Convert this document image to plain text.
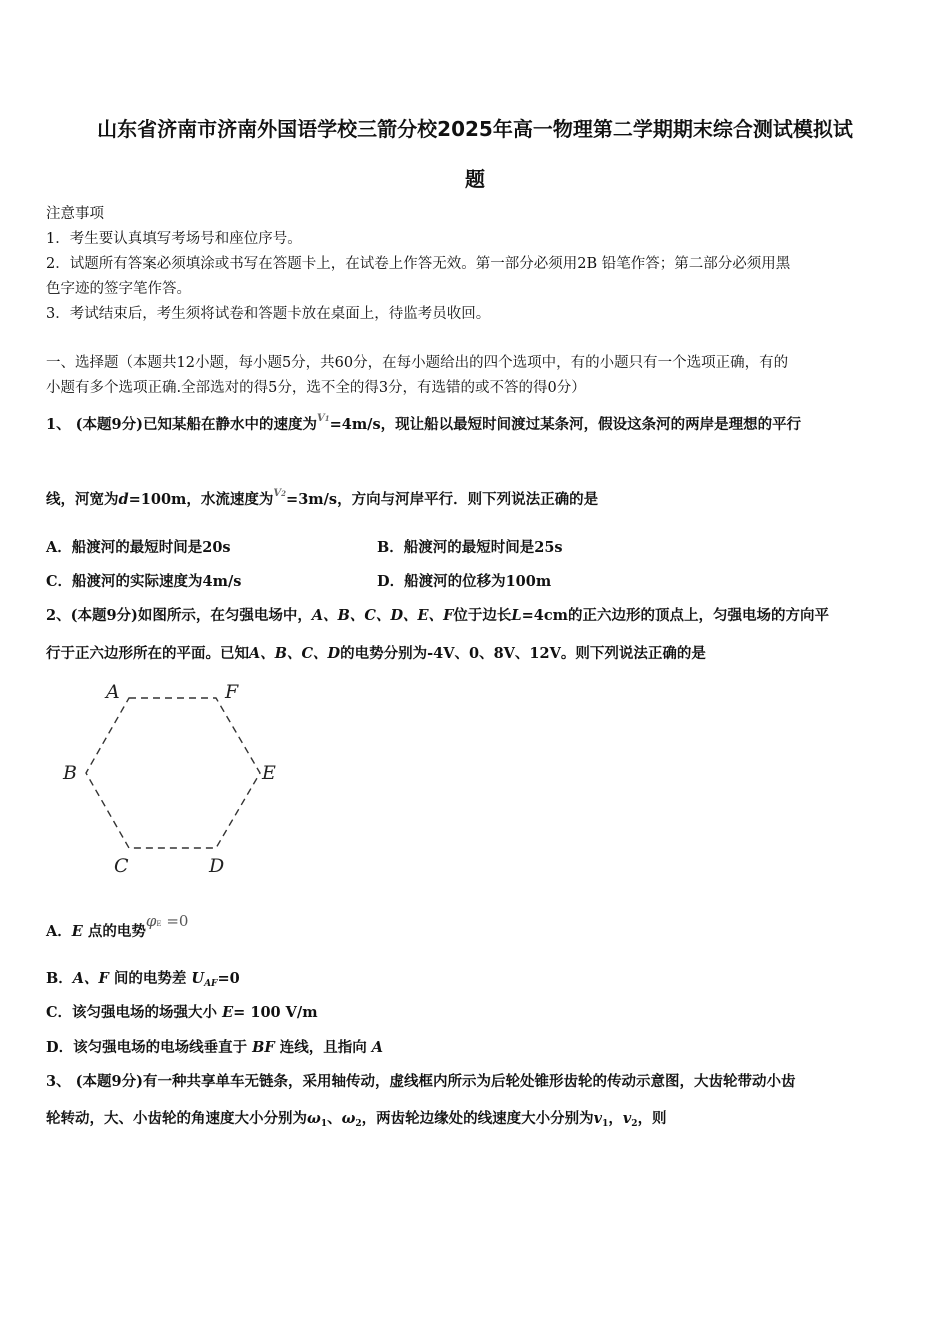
山东省济南市济南外国语学校三箭分校2025年高一物理第二学期期末综合测试模拟试
题
注意事项
1．考生要认真填写考场号和座位序号。
2．试题所有答案必须填涂或书写在答题卡上，在试卷上作答无效。第一部分必须用2B 铅笔作答；第二部分必须用黑
色字迹的签字笔作答。
3．考试结束后，考生须将试卷和答题卡放在桌面上，待监考员收回。
一、选择题（本题共12小题，每小题5分，共60分，在每小题给出的四个选项中，有的小题只有一个选项正确，有的
小题有多个选项正确.全部选对的得5分，选不全的得3分，有选错的或不答的得0分）
1、 (本题9分)已知某船在静水中的速度为$^{V1}$=4m/s，现让船以最短时间渡过某条河，假设这条河的两岸是理想的平行
线，河宽为d=100m，水流速度为$^{V2}$=3m/s，方向与河岸平行．则下列说法正确的是
A．船渡河的最短时间是20s	B．船渡河的最短时间是25s
C．船渡河的实际速度为4m/s	D．船渡河的位移为100m
2、(本题9分)如图所示，在匀强电场中，A、B、C、D、E、F位于边长L=4cm的正六边形的顶点上，匀强电场的方向平
行于正六边形所在的平面。已知A、B、C、D的电势分别为-4V、0、8V、12V。则下列说法正确的是
A	F
B	E
C	D
A．E 点的电势φE =0
B．A、F 间的电势差 $U_{AF}=0$
C．该匀强电场的场强大小 E= 100 V/m
D．该匀强电场的电场线垂直于 BF 连线，且指向 A
3、 (本题9分)有一种共享单车无链条，采用轴传动，虚线框内所示为后轮处锥形齿轮的传动示意图，大齿轮带动小齿
轮转动，大、小齿轮的角速度大小分别为$\omega_1$、$\omega_2$，两齿轮边缘处的线速度大小分别为$v_1$，$v_2$，则
